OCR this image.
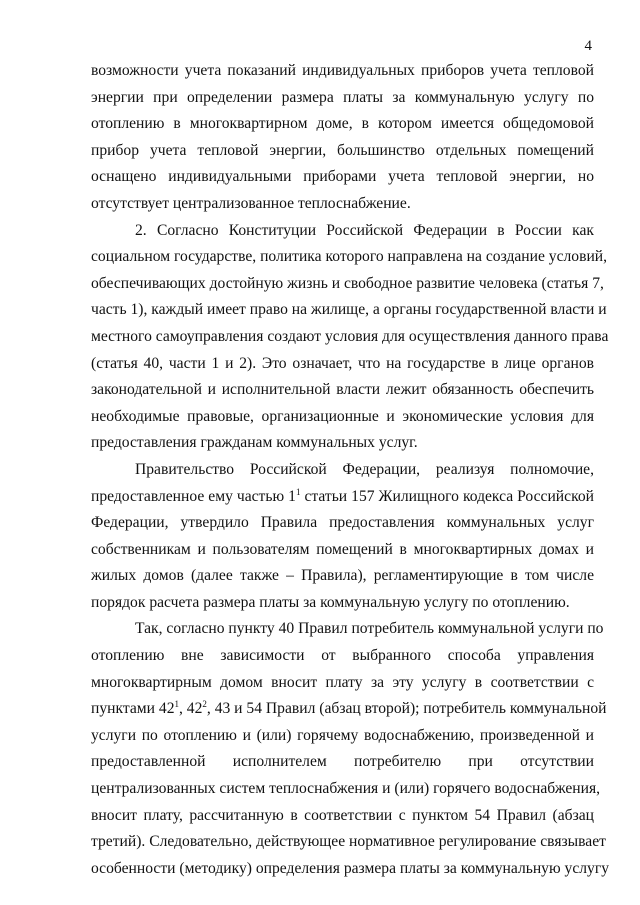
4
возможности учета показаний индивидуальных приборов учета тепловой
энергии при определении размера платы за коммунальную услугу по
отоплению в многоквартирном доме, в котором имеется общедомовой
прибор учета тепловой энергии, большинство отдельных помещений
оснащено индивидуальными приборами учета тепловой энергии, но
отсутствует централизованное теплоснабжение.
2. Согласно Конституции Российской Федерации в России как
социальном государстве, политика которого направлена на создание условий,
обеспечивающих достойную жизнь и свободное развитие человека (статья 7,
часть 1), каждый имеет право на жилище, а органы государственной власти и
местного самоуправления создают условия для осуществления данного права
(статья 40, части 1 и 2). Это означает, что на государстве в лице органов
законодательной и исполнительной власти лежит обязанность обеспечить
необходимые правовые, организационные и экономические условия для
предоставления гражданам коммунальных услуг.
Правительство Российской Федерации, реализуя полномочие,
предоставленное ему частью $1^1$ статьи 157 Жилищного кодекса Российской
Федерации, утвердило Правила предоставления коммунальных услуг
собственникам и пользователям помещений в многоквартирных домах и
жилых домов (далее также – Правила), регламентирующие в том числе
порядок расчета размера платы за коммунальную услугу по отоплению.
Так, согласно пункту 40 Правил потребитель коммунальной услуги по
отоплению вне зависимости от выбранного способа управления
многоквартирным домом вносит плату за эту услугу в соответствии с
пунктами $42^1$, $42^2$, 43 и 54 Правил (абзац второй); потребитель коммунальной
услуги по отоплению и (или) горячему водоснабжению, произведенной и
предоставленной исполнителем потребителю при отсутствии
централизованных систем теплоснабжения и (или) горячего водоснабжения,
вносит плату, рассчитанную в соответствии с пунктом 54 Правил (абзац
третий). Следовательно, действующее нормативное регулирование связывает
особенности (методику) определения размера платы за коммунальную услугу
